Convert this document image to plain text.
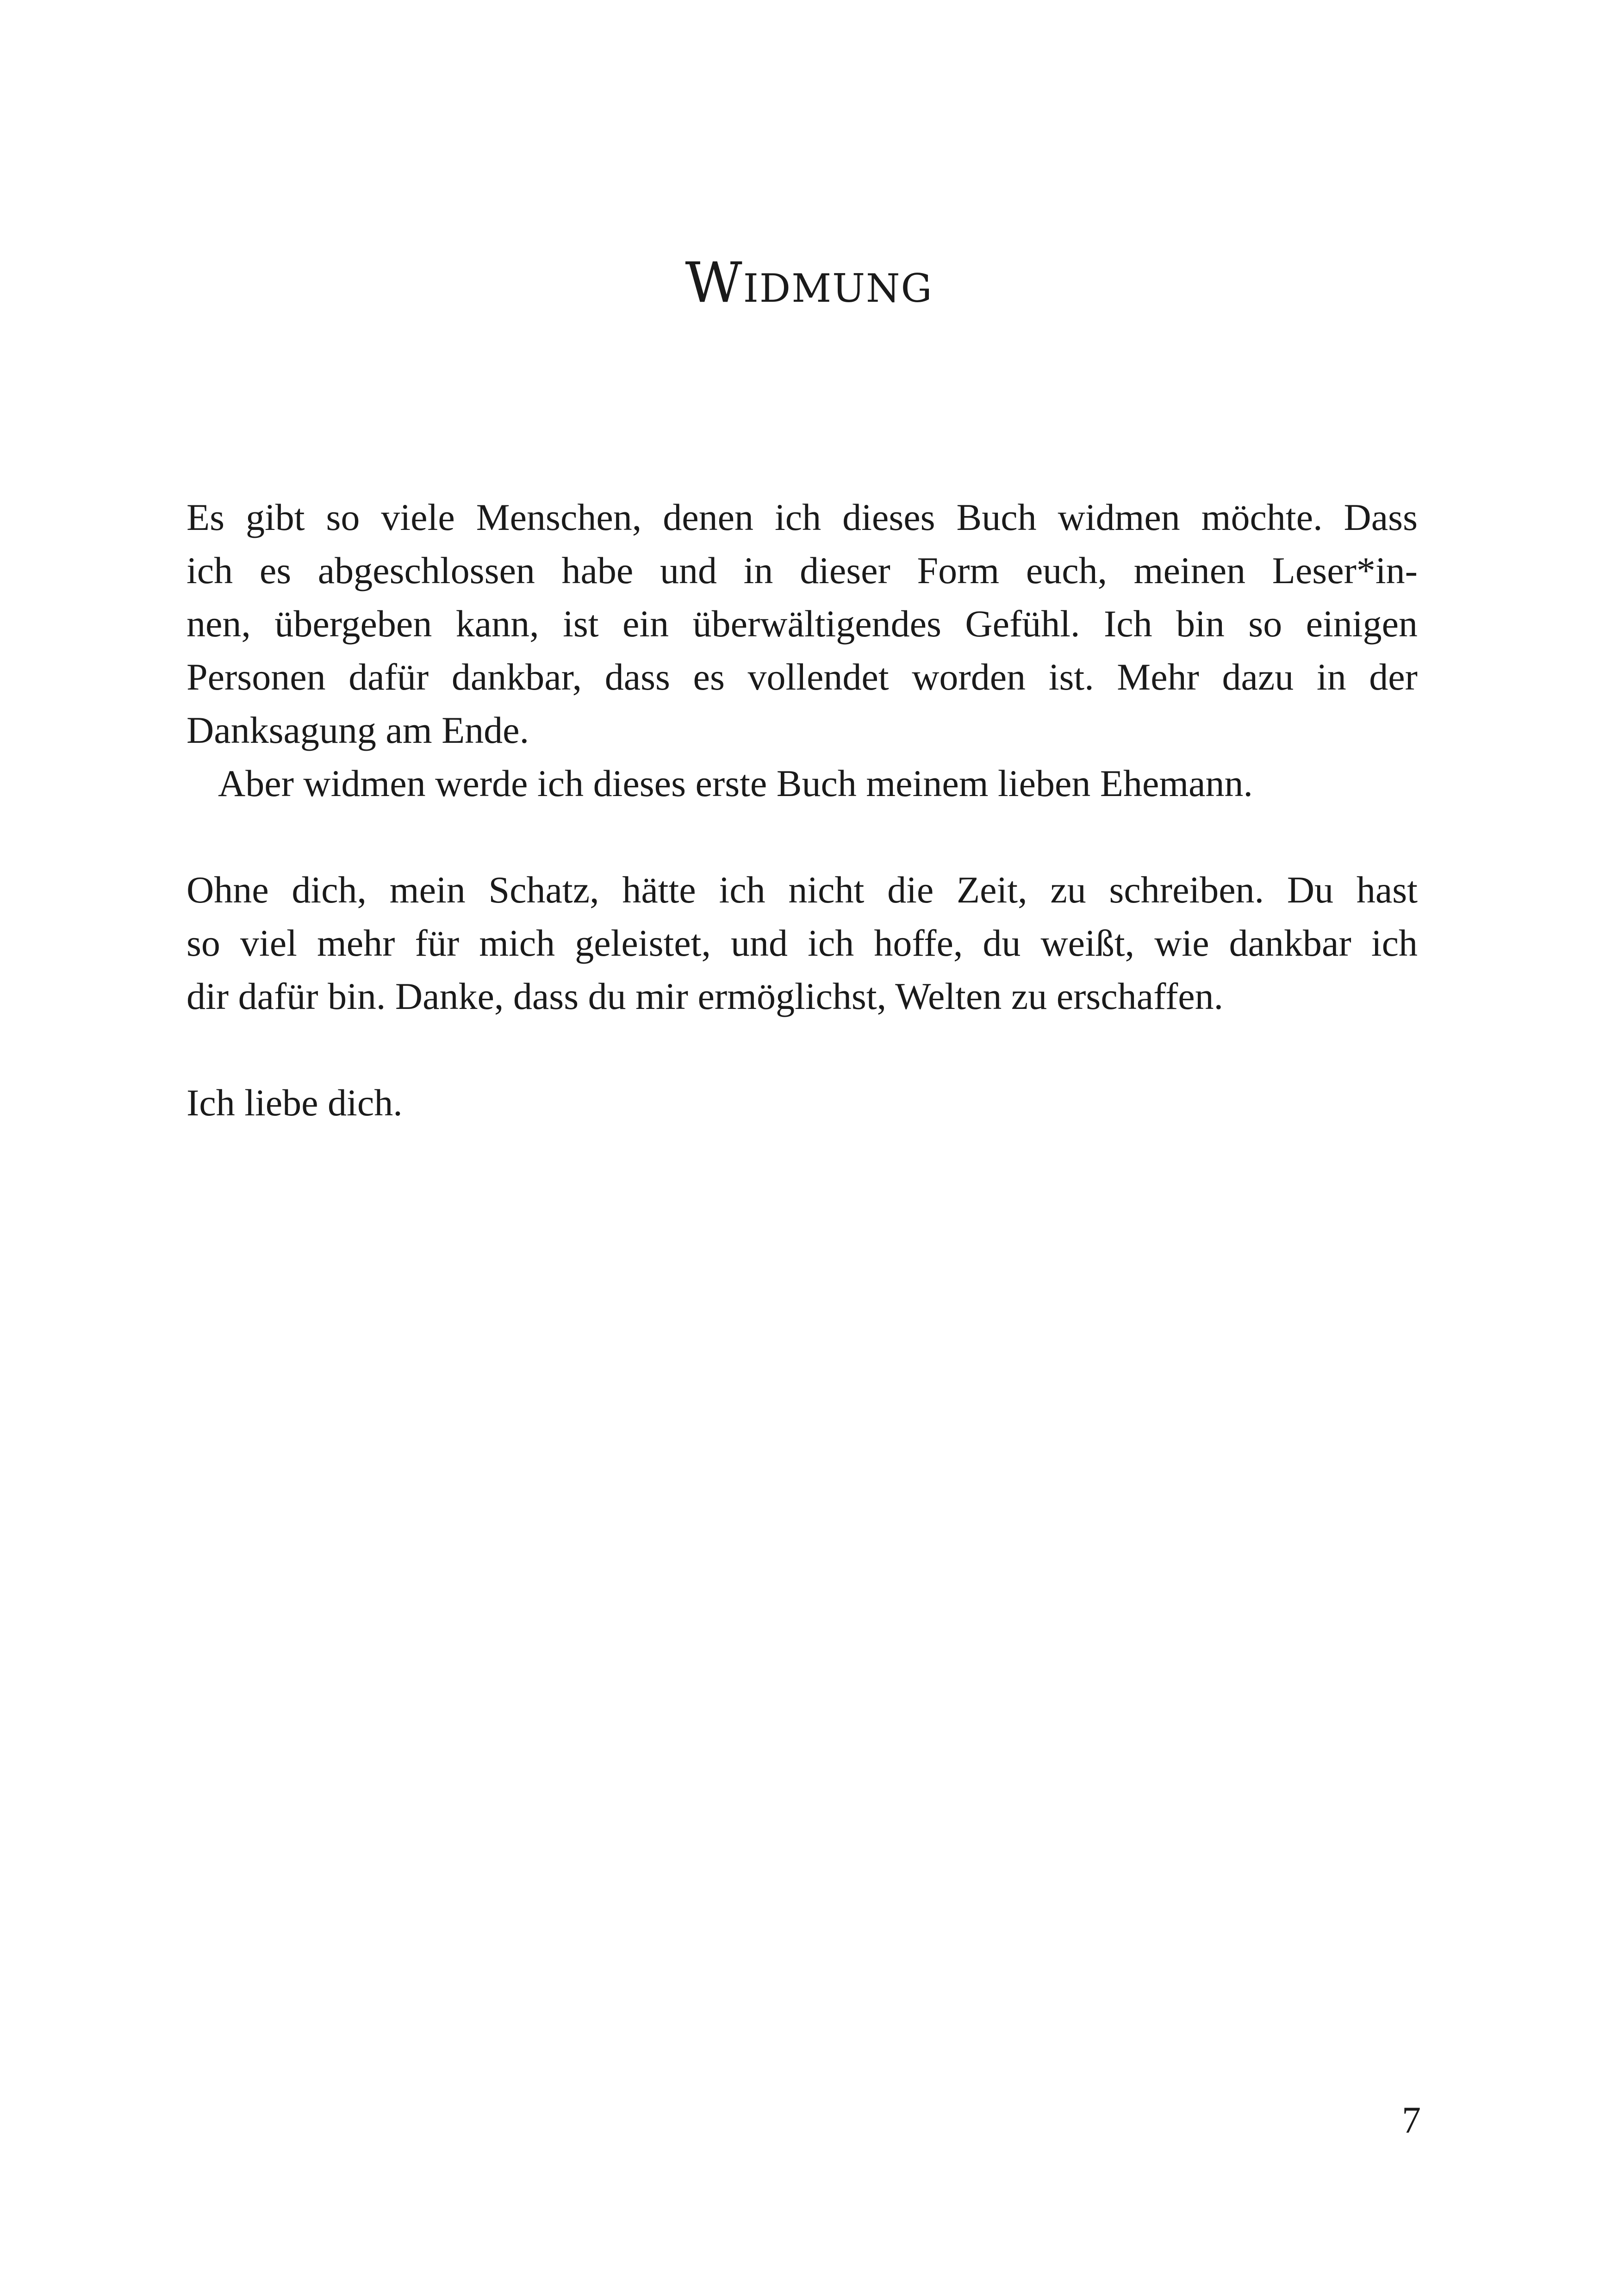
Widmung

Es gibt so viele Menschen, denen ich dieses Buch widmen möchte. Dass
ich es abgeschlossen habe und in dieser Form euch, meinen Leser*in-
nen, übergeben kann, ist ein überwältigendes Gefühl. Ich bin so einigen
Personen dafür dankbar, dass es vollendet worden ist. Mehr dazu in der
Danksagung am Ende.

Aber widmen werde ich dieses erste Buch meinem lieben Ehemann.

Ohne dich, mein Schatz, hätte ich nicht die Zeit, zu schreiben. Du hast
so viel mehr für mich geleistet, und ich hoffe, du weißt, wie dankbar ich
dir dafür bin. Danke, dass du mir ermöglichst, Welten zu erschaffen.

Ich liebe dich.

7
